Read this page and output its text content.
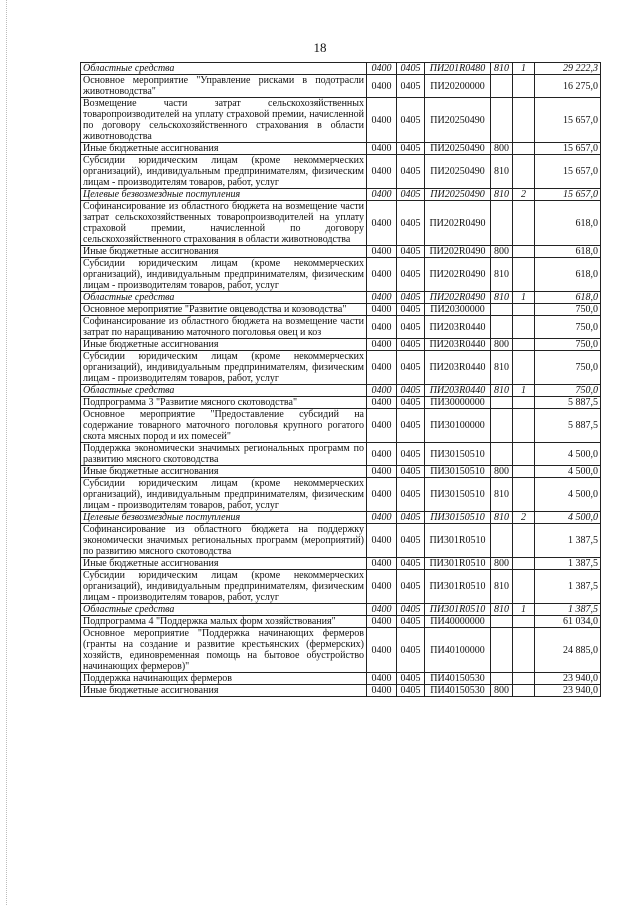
18
Областные средства	0400	0405	ПИ201R0480	810	1	29 222,3
Основное мероприятие "Управление рисками в подотрасли животноводства"	0400	0405	ПИ20200000			16 275,0
Возмещение части затрат сельскохозяйственных товаропроизводителей на уплату страховой премии, начисленной по договору сельскохозяйственного страхования в области животноводства	0400	0405	ПИ20250490			15 657,0
Иные бюджетные ассигнования	0400	0405	ПИ20250490	800		15 657,0
Субсидии юридическим лицам (кроме некоммерческих организаций), индивидуальным предпринимателям, физическим лицам - производителям товаров, работ, услуг	0400	0405	ПИ20250490	810		15 657,0
Целевые безвозмездные поступления	0400	0405	ПИ20250490	810	2	15 657,0
Софинансирование из областного бюджета на возмещение части затрат сельскохозяйственных товаропроизводителей на уплату страховой премии, начисленной по договору сельскохозяйственного страхования в области животноводства	0400	0405	ПИ202R0490			618,0
Иные бюджетные ассигнования	0400	0405	ПИ202R0490	800		618,0
Субсидии юридическим лицам (кроме некоммерческих организаций), индивидуальным предпринимателям, физическим лицам - производителям товаров, работ, услуг	0400	0405	ПИ202R0490	810		618,0
Областные средства	0400	0405	ПИ202R0490	810	1	618,0
Основное мероприятие "Развитие овцеводства и козоводства"	0400	0405	ПИ20300000			750,0
Софинансирование из областного бюджета на возмещение части затрат по наращиванию маточного поголовья овец и коз	0400	0405	ПИ203R0440			750,0
Иные бюджетные ассигнования	0400	0405	ПИ203R0440	800		750,0
Субсидии юридическим лицам (кроме некоммерческих организаций), индивидуальным предпринимателям, физическим лицам - производителям товаров, работ, услуг	0400	0405	ПИ203R0440	810		750,0
Областные средства	0400	0405	ПИ203R0440	810	1	750,0
Подпрограмма 3 "Развитие мясного скотоводства"	0400	0405	ПИ30000000			5 887,5
Основное мероприятие "Предоставление субсидий на содержание товарного маточного поголовья крупного рогатого скота мясных пород и их помесей"	0400	0405	ПИ30100000			5 887,5
Поддержка экономически значимых региональных программ по развитию мясного скотоводства	0400	0405	ПИ30150510			4 500,0
Иные бюджетные ассигнования	0400	0405	ПИ30150510	800		4 500,0
Субсидии юридическим лицам (кроме некоммерческих организаций), индивидуальным предпринимателям, физическим лицам - производителям товаров, работ, услуг	0400	0405	ПИ30150510	810		4 500,0
Целевые безвозмездные поступления	0400	0405	ПИ30150510	810	2	4 500,0
Софинансирование из областного бюджета на поддержку экономически значимых региональных программ (мероприятий) по развитию мясного скотоводства	0400	0405	ПИ301R0510			1 387,5
Иные бюджетные ассигнования	0400	0405	ПИ301R0510	800		1 387,5
Субсидии юридическим лицам (кроме некоммерческих организаций), индивидуальным предпринимателям, физическим лицам - производителям товаров, работ, услуг	0400	0405	ПИ301R0510	810		1 387,5
Областные средства	0400	0405	ПИ301R0510	810	1	1 387,5
Подпрограмма 4 "Поддержка малых форм хозяйствования"	0400	0405	ПИ40000000			61 034,0
Основное мероприятие "Поддержка начинающих фермеров (гранты на создание и развитие крестьянских (фермерских) хозяйств, единовременная помощь на бытовое обустройство начинающих фермеров)"	0400	0405	ПИ40100000			24 885,0
Поддержка начинающих фермеров	0400	0405	ПИ40150530			23 940,0
Иные бюджетные ассигнования	0400	0405	ПИ40150530	800		23 940,0
